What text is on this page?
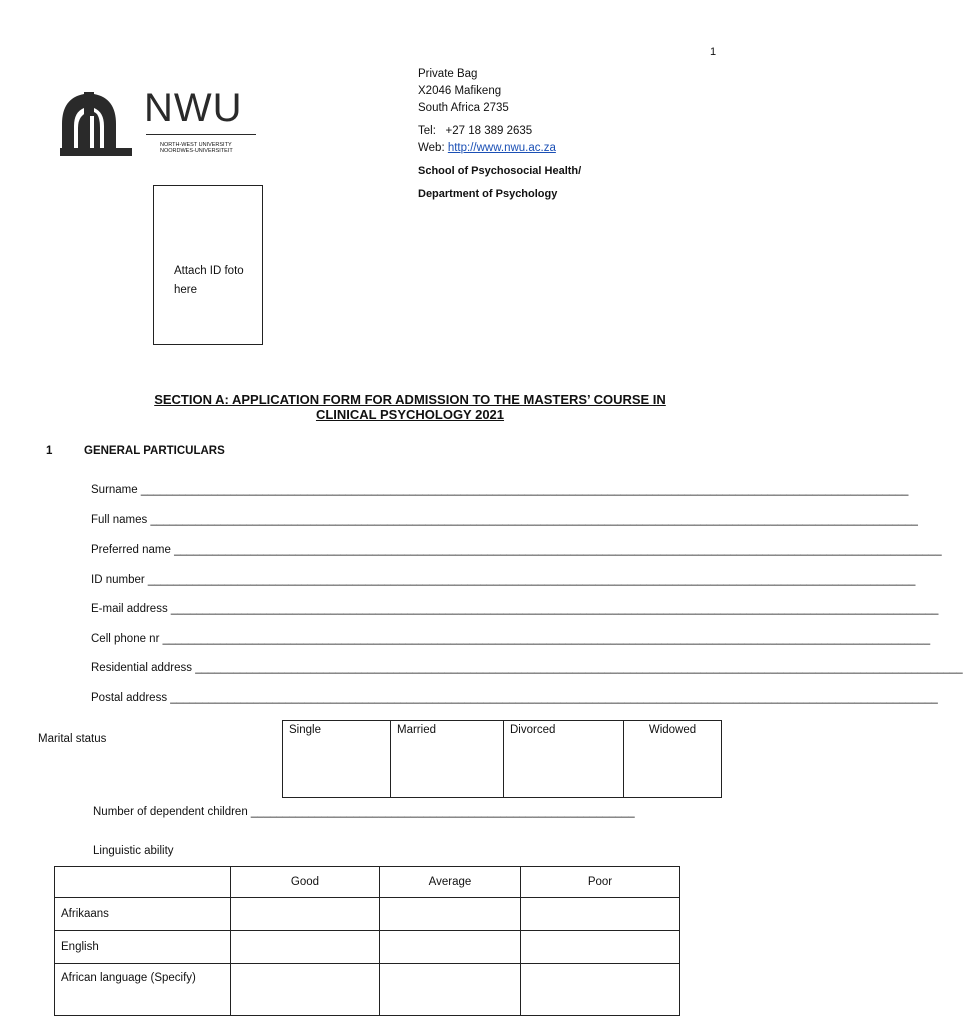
1
Private Bag
X2046 Mafikeng
South Africa 2735
Tel: +27 18 389 2635
Web: http://www.nwu.ac.za
School of Psychosocial Health/
Department of Psychology
NWU
NORTH-WEST UNIVERSITY
NOORDWES-UNIVERSITEIT
Attach ID foto here
SECTION A: APPLICATION FORM FOR ADMISSION TO THE MASTERS’ COURSE IN
CLINICAL PSYCHOLOGY 2021
1	GENERAL PARTICULARS
Surname ________________________________________________________________________________________________________________________
Full names ________________________________________________________________________________________________________________________
Preferred name ________________________________________________________________________________________________________________________
ID number ________________________________________________________________________________________________________________________
E-mail address ________________________________________________________________________________________________________________________
Cell phone nr ________________________________________________________________________________________________________________________
Residential address ________________________________________________________________________________________________________________________
Postal address ________________________________________________________________________________________________________________________
Marital status
Single	Married	Divorced	Widowed
Number of dependent children ____________________________________________________________
Linguistic ability
	Good	Average	Poor
Afrikaans			
English			
African language (Specify)			
